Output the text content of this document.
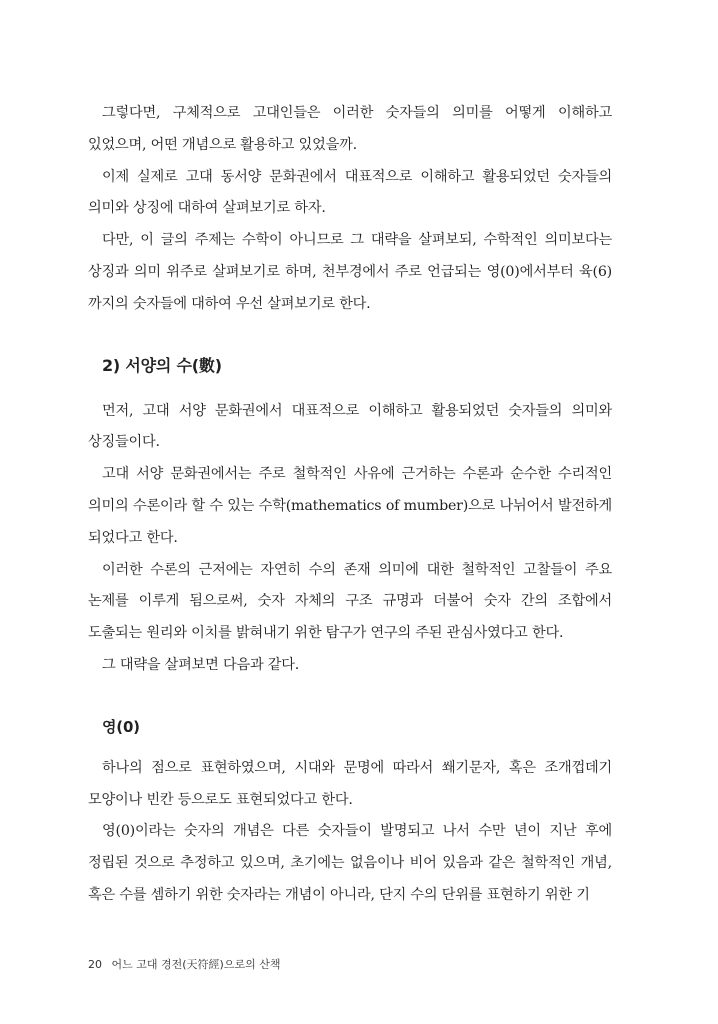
그렇다면, 구체적으로 고대인들은 이러한 숫자들의 의미를 어떻게 이해하고 있었으며, 어떤 개념으로 활용하고 있었을까.

이제 실제로 고대 동서양 문화권에서 대표적으로 이해하고 활용되었던 숫자들의 의미와 상징에 대하여 살펴보기로 하자.

다만, 이 글의 주제는 수학이 아니므로 그 대략을 살펴보되, 수학적인 의미보다는 상징과 의미 위주로 살펴보기로 하며, 천부경에서 주로 언급되는 영(0)에서부터 육(6)까지의 숫자들에 대하여 우선 살펴보기로 한다.

2) 서양의 수(數)

먼저, 고대 서양 문화권에서 대표적으로 이해하고 활용되었던 숫자들의 의미와 상징들이다.

고대 서양 문화권에서는 주로 철학적인 사유에 근거하는 수론과 순수한 수리적인 의미의 수론이라 할 수 있는 수학(mathematics of mumber)으로 나뉘어서 발전하게 되었다고 한다.

이러한 수론의 근저에는 자연히 수의 존재 의미에 대한 철학적인 고찰들이 주요 논제를 이루게 됨으로써, 숫자 자체의 구조 규명과 더불어 숫자 간의 조합에서 도출되는 원리와 이치를 밝혀내기 위한 탐구가 연구의 주된 관심사였다고 한다.

그 대략을 살펴보면 다음과 같다.

영(0)

하나의 점으로 표현하였으며, 시대와 문명에 따라서 쐐기문자, 혹은 조개껍데기 모양이나 빈칸 등으로도 표현되었다고 한다.

영(0)이라는 숫자의 개념은 다른 숫자들이 발명되고 나서 수만 년이 지난 후에 정립된 것으로 추정하고 있으며, 초기에는 없음이나 비어 있음과 같은 철학적인 개념, 혹은 수를 셈하기 위한 숫자라는 개념이 아니라, 단지 수의 단위를 표현하기 위한 기

20 어느 고대 경전(天符經)으로의 산책
